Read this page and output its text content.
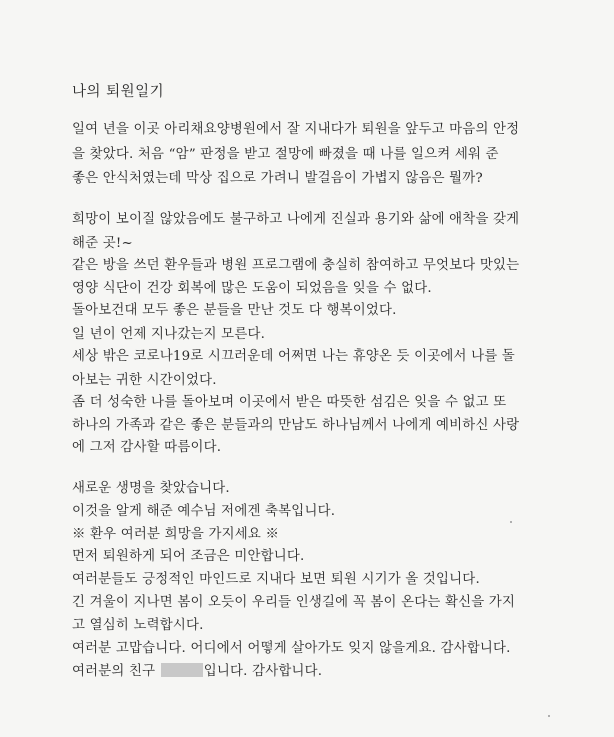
나의 퇴원일기
일여 년을 이곳 아리채요양병원에서 잘 지내다가 퇴원을 앞두고 마음의 안정
을 찾았다. 처음 “암” 판정을 받고 절망에 빠졌을 때 나를 일으켜 세워 준
좋은 안식처였는데 막상 집으로 가려니 발걸음이 가볍지 않음은 뭘까?
희망이 보이질 않았음에도 불구하고 나에게 진실과 용기와 삶에 애착을 갖게
해준 곳!~
같은 방을 쓰던 환우들과 병원 프로그램에 충실히 참여하고 무엇보다 맛있는
영양 식단이 건강 회복에 많은 도움이 되었음을 잊을 수 없다.
돌아보건대 모두 좋은 분들을 만난 것도 다 행복이었다.
일 년이 언제 지나갔는지 모른다.
세상 밖은 코로나19로 시끄러운데 어쩌면 나는 휴양온 듯 이곳에서 나를 돌
아보는 귀한 시간이었다.
좀 더 성숙한 나를 돌아보며 이곳에서 받은 따뜻한 섬김은 잊을 수 없고 또
하나의 가족과 같은 좋은 분들과의 만남도 하나님께서 나에게 예비하신 사랑
에 그저 감사할 따름이다.
새로운 생명을 찾았습니다.
이것을 알게 해준 예수님 저에겐 축복입니다.
※ 환우 여러분 희망을 가지세요 ※
먼저 퇴원하게 되어 조금은 미안합니다.
여러분들도 긍정적인 마인드로 지내다 보면 퇴원 시기가 올 것입니다.
긴 겨울이 지나면 봄이 오듯이 우리들 인생길에 꼭 봄이 온다는 확신을 가지
고 열심히 노력합시다.
여러분 고맙습니다. 어디에서 어떻게 살아가도 잊지 않을게요. 감사합니다.
여러분의 친구	입니다. 감사합니다.
